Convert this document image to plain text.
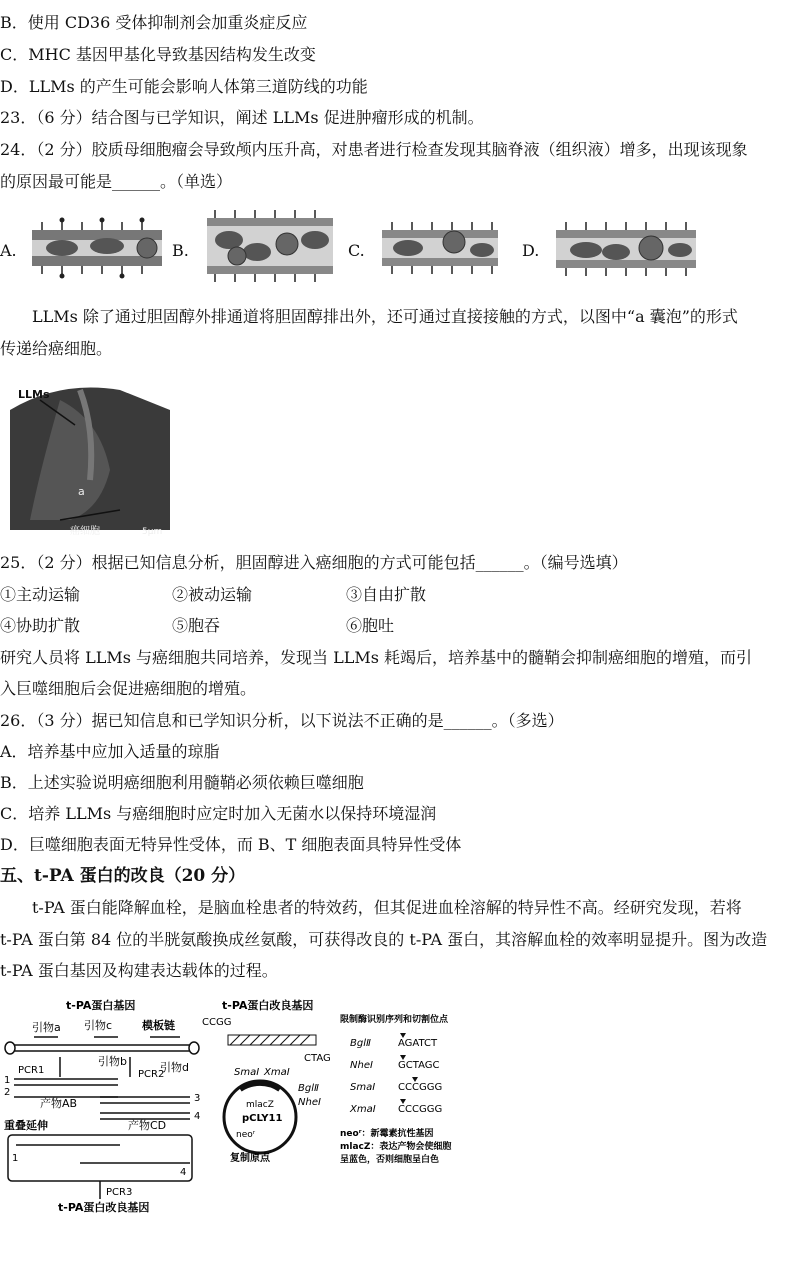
B．使用 CD36 受体抑制剂会加重炎症反应
C．MHC 基因甲基化导致基因结构发生改变
D．LLMs 的产生可能会影响人体第三道防线的功能
23．（6 分）结合图与已学知识，阐述 LLMs 促进肿瘤形成的机制。
24．（2 分）胶质母细胞瘤会导致颅内压升高，对患者进行检查发现其脑脊液（组织液）增多，出现该现象
的原因最可能是______。（单选）
A.	B.	C.	D.
LLMs 除了通过胆固醇外排通道将胆固醇排出外，还可通过直接接触的方式，以图中“a 囊泡”的形式
传递给癌细胞。
LLMs
a
癌细胞	5μm
25．（2 分）根据已知信息分析，胆固醇进入癌细胞的方式可能包括______。（编号选填）
①主动运输	②被动运输	③自由扩散
④协助扩散	⑤胞吞	⑥胞吐
研究人员将 LLMs 与癌细胞共同培养，发现当 LLMs 耗竭后，培养基中的髓鞘会抑制癌细胞的增殖，而引
入巨噬细胞后会促进癌细胞的增殖。
26．（3 分）据已知信息和已学知识分析，以下说法不正确的是______。（多选）
A．培养基中应加入适量的琼脂
B．上述实验说明癌细胞利用髓鞘必须依赖巨噬细胞
C．培养 LLMs 与癌细胞时应定时加入无菌水以保持环境湿润
D．巨噬细胞表面无特异性受体，而 B、T 细胞表面具特异性受体
五、t-PA 蛋白的改良（20 分）
t-PA 蛋白能降解血栓，是脑血栓患者的特效药，但其促进血栓溶解的特异性不高。经研究发现，若将
t-PA 蛋白第 84 位的半胱氨酸换成丝氨酸，可获得改良的 t-PA 蛋白，其溶解血栓的效率明显提升。图为改造
t-PA 蛋白基因及构建表达载体的过程。
t-PA蛋白基因
引物a 引物c	模板链
引物b	引物d
PCR1	PCR2
1
2
产物AB	3
4
产物CD
重叠延伸
1
4
PCR3
t-PA蛋白改良基因
t-PA蛋白改良基因
CCGG
CTAG
SmaⅠ XmaⅠ
BglⅡ
NheⅠ
mlacZ
pCLY11
neoʳ
复制原点
限制酶识别序列和切割位点
BglⅡ	AGATCT
NheⅠ	GCTAGC
SmaⅠ CCCGGG
XmaⅠ CCCGGG
neoʳ：新霉素抗性基因
mlacZ：表达产物会使细胞
呈蓝色，否则细胞呈白色
